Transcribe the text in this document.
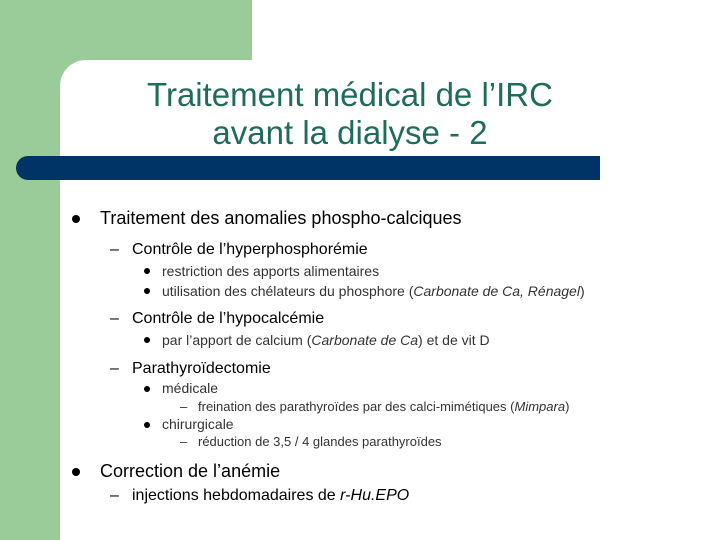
Traitement médical de l’IRC
avant la dialyse - 2
Traitement des anomalies phospho-calciques
– Contrôle de l’hyperphosphorémie
restriction des apports alimentaires
utilisation des chélateurs du phosphore (Carbonate de Ca, Rénagel)
– Contrôle de l’hypocalcémie
par l’apport de calcium (Carbonate de Ca) et de vit D
– Parathyroïdectomie
médicale
– freination des parathyroïdes par des calci-mimétiques (Mimpara)
chirurgicale
– réduction de 3,5 / 4 glandes parathyroïdes
Correction de l’anémie
– injections hebdomadaires de r-Hu.EPO
